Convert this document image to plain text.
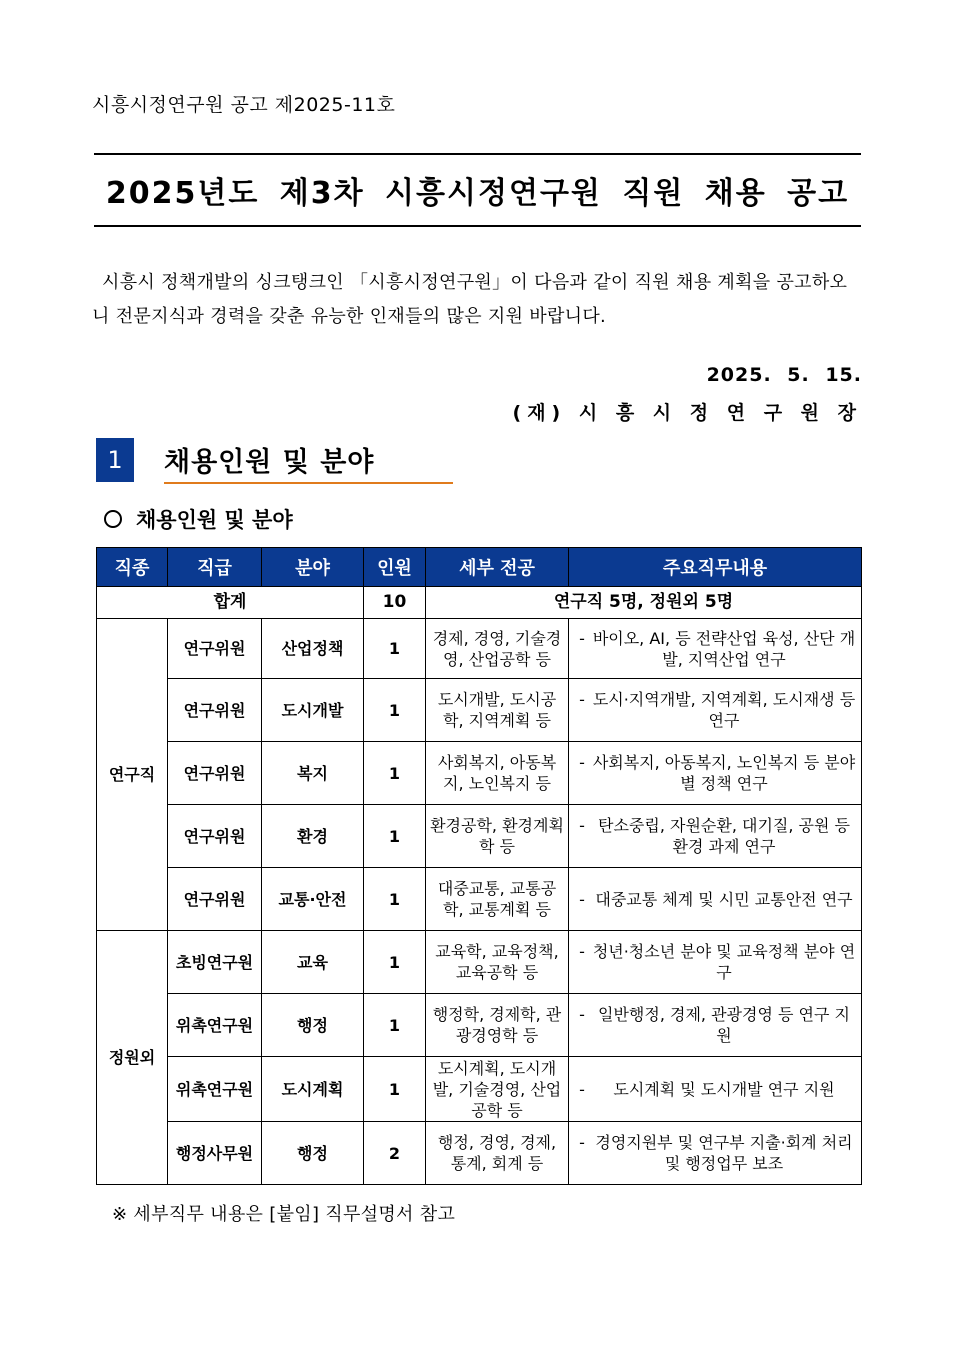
시흥시정연구원 공고 제2025-11호
2025년도 제3차 시흥시정연구원 직원 채용 공고
시흥시 정책개발의 싱크탱크인 「시흥시정연구원」이 다음과 같이 직원 채용 계획을 공고하오니 전문지식과 경력을 갖춘 유능한 인재들의 많은 지원 바랍니다.
2025. 5. 15.
(재) 시 흥 시 정 연 구 원 장
1	채용인원 및 분야
채용인원 및 분야
직종	직급	분야	인원	세부 전공	주요직무내용
합계			10	연구직 5명, 정원외 5명	
연구직	연구위원	산업정책	1	경제, 경영, 기술경영, 산업공학 등	- 바이오, AI, 등 전략산업 육성, 산단 개발, 지역산업 연구

	연구위원	도시개발	1	도시개발, 도시공학, 지역계획 등	- 도시·지역개발, 지역계획, 도시재생 등 연구

	연구위원	복지	1	사회복지, 아동복지, 노인복지 등	- 사회복지, 아동복지, 노인복지 등 분야별 정책 연구

	연구위원	환경	1	환경공학, 환경계획학 등	- 탄소중립, 자원순환, 대기질, 공원 등 환경 과제 연구

	연구위원	교통·안전	1	대중교통, 교통공학, 교통계획 등	- 대중교통 체계 및 시민 교통안전 연구

정원외	초빙연구원	교육	1	교육학, 교육정책, 교육공학 등	- 청년·청소년 분야 및 교육정책 분야 연구

	위촉연구원	행정	1	행정학, 경제학, 관광경영학 등	- 일반행정, 경제, 관광경영 등 연구 지원

	위촉연구원	도시계획	1	도시계획, 도시개발, 기술경영, 산업공학 등	- 도시계획 및 도시개발 연구 지원

	행정사무원	행정	2	행정, 경영, 경제, 통계, 회계 등	- 경영지원부 및 연구부 지출·회계 처리 및 행정업무 보조
※ 세부직무 내용은 [붙임] 직무설명서 참고
